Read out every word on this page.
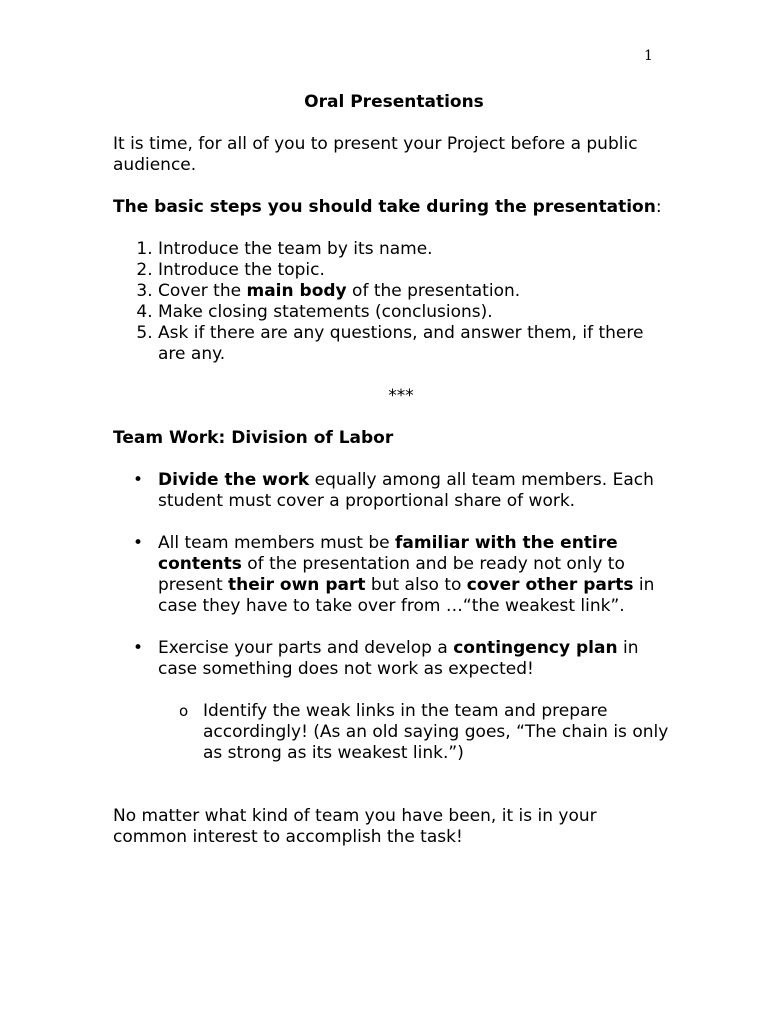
1

Oral Presentations

It is time, for all of you to present your Project before a public audience.

The basic steps you should take during the presentation:

1. Introduce the team by its name.
2. Introduce the topic.
3. Cover the main body of the presentation.
4. Make closing statements (conclusions).
5. Ask if there are any questions, and answer them, if there are any.

***

Team Work: Division of Labor

• Divide the work equally among all team members. Each student must cover a proportional share of work.
• All team members must be familiar with the entire contents of the presentation and be ready not only to present their own part but also to cover other parts in case they have to take over from …“the weakest link”.
• Exercise your parts and develop a contingency plan in case something does not work as expected!
o Identify the weak links in the team and prepare accordingly! (As an old saying goes, “The chain is only as strong as its weakest link.”)

No matter what kind of team you have been, it is in your common interest to accomplish the task!
